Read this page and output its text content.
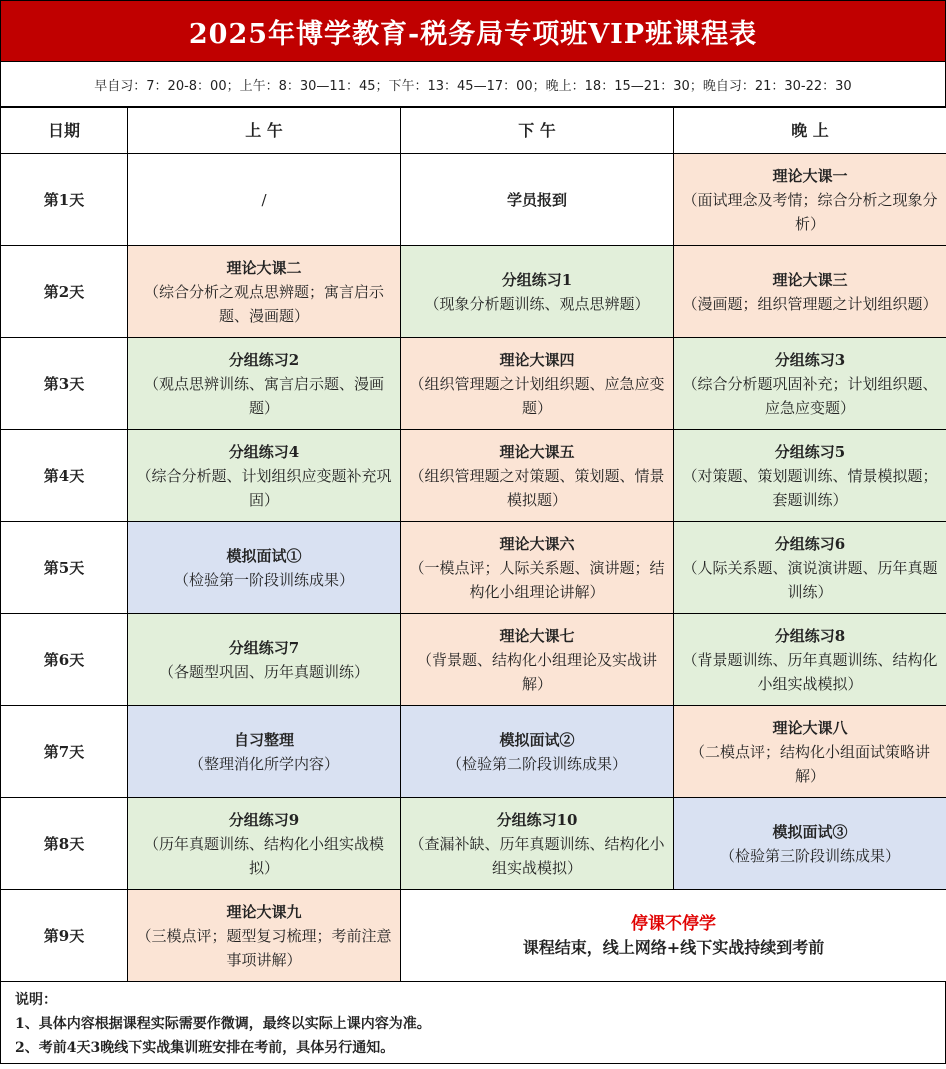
2025年博学教育-税务局专项班VIP班课程表
早自习：7：20-8：00；上午：8：30—11：45；下午：13：45—17：00；晚上：18：15—21：30；晚自习：21：30-22：30
日期	上 午	下 午	晚 上
第1天	/	学员报到	理论大课一
（面试理念及考情；综合分析之现象分析）

第2天	理论大课二
（综合分析之观点思辨题；寓言启示题、漫画题）	分组练习1
（现象分析题训练、观点思辨题）	理论大课三
（漫画题；组织管理题之计划组织题）

第3天	分组练习2
（观点思辨训练、寓言启示题、漫画题）	理论大课四
（组织管理题之计划组织题、应急应变题）	分组练习3
（综合分析题巩固补充；计划组织题、应急应变题）

第4天	分组练习4
（综合分析题、计划组织应变题补充巩固）	理论大课五
（组织管理题之对策题、策划题、情景模拟题）	分组练习5
（对策题、策划题训练、情景模拟题；套题训练）

第5天	模拟面试①
（检验第一阶段训练成果）	理论大课六
（一模点评；人际关系题、演讲题；结构化小组理论讲解）	分组练习6
（人际关系题、演说演讲题、历年真题训练）

第6天	分组练习7
（各题型巩固、历年真题训练）	理论大课七
（背景题、结构化小组理论及实战讲解）	分组练习8
（背景题训练、历年真题训练、结构化小组实战模拟）

第7天	自习整理
（整理消化所学内容）	模拟面试②
（检验第二阶段训练成果）	理论大课八
（二模点评；结构化小组面试策略讲解）

第8天	分组练习9
（历年真题训练、结构化小组实战模拟）	分组练习10
（查漏补缺、历年真题训练、结构化小组实战模拟）	模拟面试③
（检验第三阶段训练成果）

第9天	理论大课九
（三模点评；题型复习梳理；考前注意事项讲解）	停课不停学
课程结束，线上网络+线下实战持续到考前	
说明：
1、具体内容根据课程实际需要作微调，最终以实际上课内容为准。
2、考前4天3晚线下实战集训班安排在考前，具体另行通知。
